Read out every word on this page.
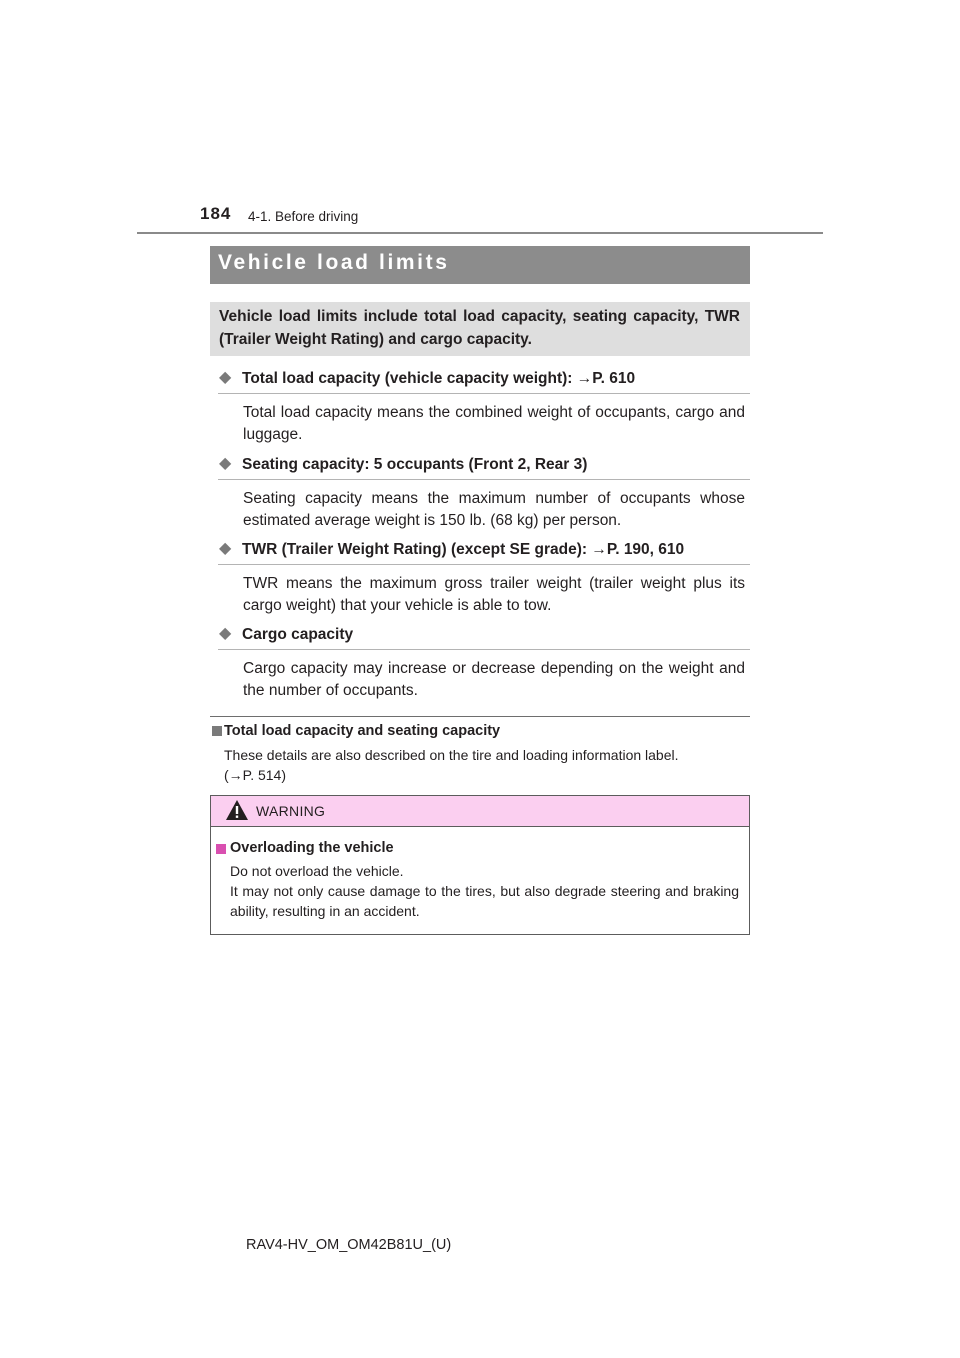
184 4-1. Before driving
Vehicle load limits
Vehicle load limits include total load capacity, seating capacity, TWR (Trailer Weight Rating) and cargo capacity.
◆ Total load capacity (vehicle capacity weight): →P. 610
Total load capacity means the combined weight of occupants, cargo and luggage.
◆ Seating capacity: 5 occupants (Front 2, Rear 3)
Seating capacity means the maximum number of occupants whose estimated average weight is 150 lb. (68 kg) per person.
◆ TWR (Trailer Weight Rating) (except SE grade): →P. 190, 610
TWR means the maximum gross trailer weight (trailer weight plus its cargo weight) that your vehicle is able to tow.
◆ Cargo capacity
Cargo capacity may increase or decrease depending on the weight and the number of occupants.
Total load capacity and seating capacity
These details are also described on the tire and loading information label.
(→P. 514)
WARNING
Overloading the vehicle
Do not overload the vehicle.
It may not only cause damage to the tires, but also degrade steering and braking ability, resulting in an accident.
RAV4-HV_OM_OM42B81U_(U)
